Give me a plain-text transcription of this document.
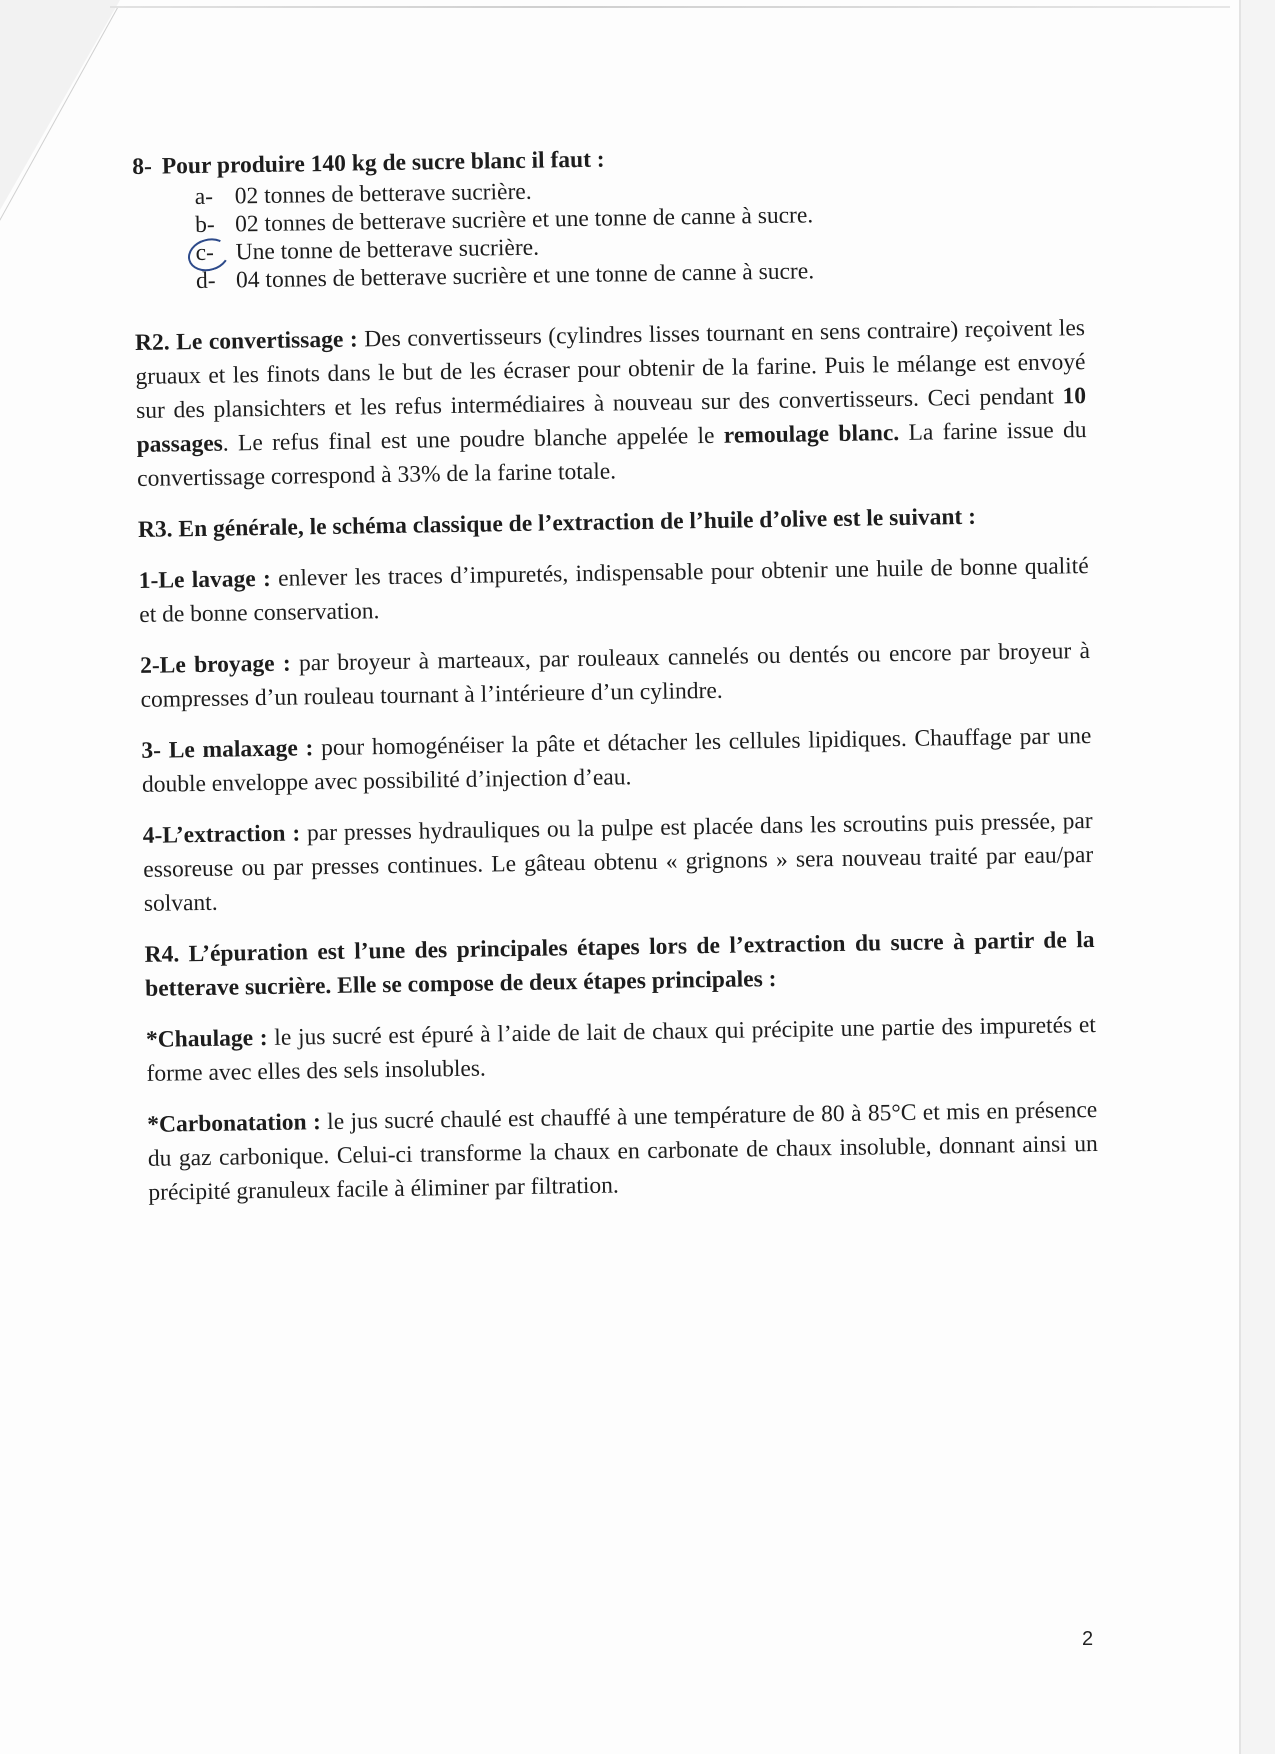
8- Pour produire 140 kg de sucre blanc il faut :
a- 02 tonnes de betterave sucrière.
b- 02 tonnes de betterave sucrière et une tonne de canne à sucre.
c- Une tonne de betterave sucrière.
d- 04 tonnes de betterave sucrière et une tonne de canne à sucre.

R2. Le convertissage : Des convertisseurs (cylindres lisses tournant en sens contraire) reçoivent les gruaux et les finots dans le but de les écraser pour obtenir de la farine. Puis le mélange est envoyé sur des plansichters et les refus intermédiaires à nouveau sur des convertisseurs. Ceci pendant 10 passages. Le refus final est une poudre blanche appelée le remoulage blanc. La farine issue du convertissage correspond à 33% de la farine totale.

R3. En générale, le schéma classique de l’extraction de l’huile d’olive est le suivant :

1-Le lavage : enlever les traces d’impuretés, indispensable pour obtenir une huile de bonne qualité et de bonne conservation.

2-Le broyage : par broyeur à marteaux, par rouleaux cannelés ou dentés ou encore par broyeur à compresses d’un rouleau tournant à l’intérieure d’un cylindre.

3- Le malaxage : pour homogénéiser la pâte et détacher les cellules lipidiques. Chauffage par une double enveloppe avec possibilité d’injection d’eau.

4-L’extraction : par presses hydrauliques ou la pulpe est placée dans les scroutins puis pressée, par essoreuse ou par presses continues. Le gâteau obtenu « grignons » sera nouveau traité par eau/par solvant.

R4. L’épuration est l’une des principales étapes lors de l’extraction du sucre à partir de la betterave sucrière. Elle se compose de deux étapes principales :

*Chaulage : le jus sucré est épuré à l’aide de lait de chaux qui précipite une partie des impuretés et forme avec elles des sels insolubles.

*Carbonatation : le jus sucré chaulé est chauffé à une température de 80 à 85°C et mis en présence du gaz carbonique. Celui-ci transforme la chaux en carbonate de chaux insoluble, donnant ainsi un précipité granuleux facile à éliminer par filtration.

2
